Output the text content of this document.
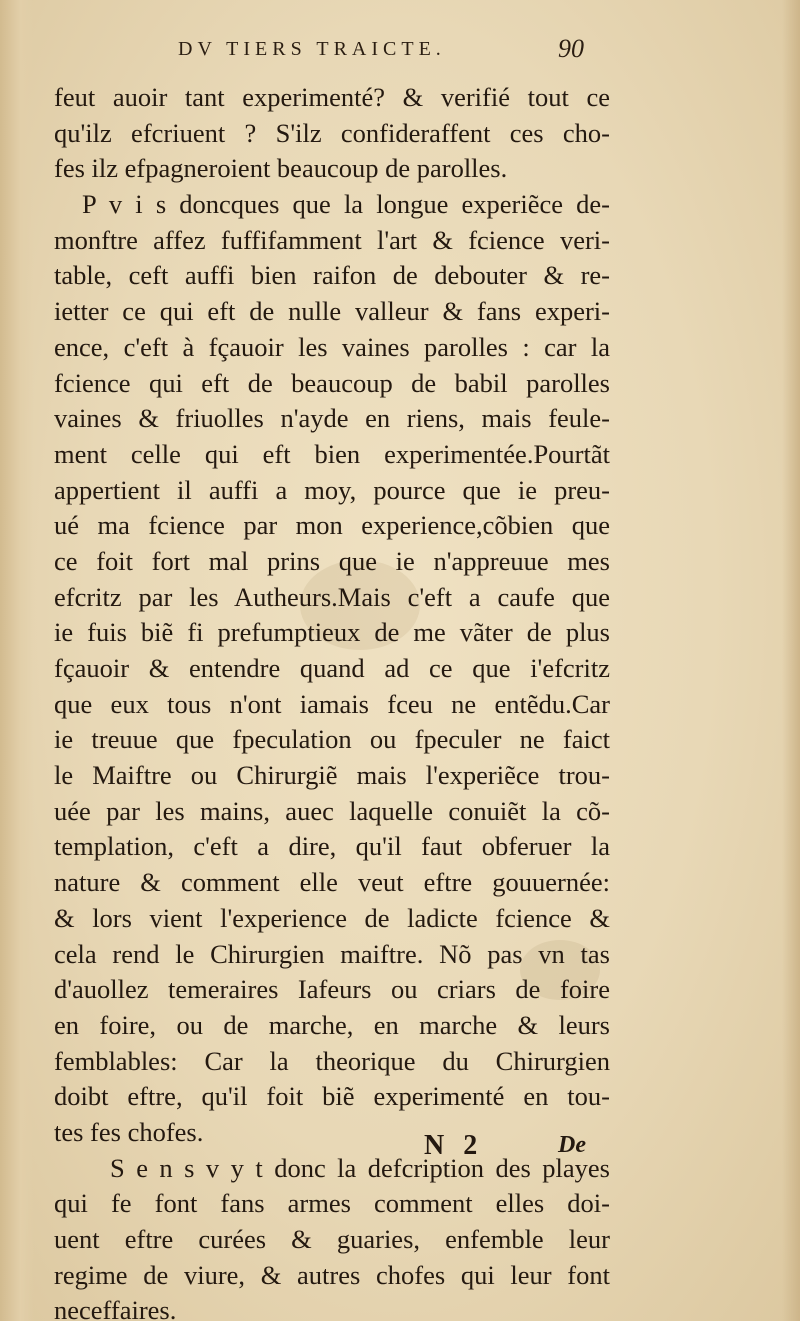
DV TIERS TRAICTE.	90
feut auoir tant experimenté? & verifié tout ce
qu'ilz efcriuent ? S'ilz confideraffent ces cho-
fes ilz efpagneroient beaucoup de parolles.
P v i s doncques que la longue experiẽce de-
monftre affez fuffifamment l'art & fcience veri-
table, ceft auffi bien raifon de debouter & re-
ietter ce qui eft de nulle valleur & fans experi-
ence, c'eft à fçauoir les vaines parolles : car la
fcience qui eft de beaucoup de babil parolles
vaines & friuolles n'ayde en riens, mais feule-
ment celle qui eft bien experimentée.Pourtãt
appertient il auffi a moy, pource que ie preu-
ué ma fcience par mon experience,cõbien que
ce foit fort mal prins que ie n'appreuue mes
efcritz par les Autheurs.Mais c'eft a caufe que
ie fuis biẽ fi prefumptieux de me vãter de plus
fçauoir & entendre quand ad ce que i'efcritz
que eux tous n'ont iamais fceu ne entẽdu.Car
ie treuue que fpeculation ou fpeculer ne faict
le Maiftre ou Chirurgiẽ mais l'experiẽce trou-
uée par les mains, auec laquelle conuiẽt la cõ-
templation, c'eft a dire, qu'il faut obferuer la
nature & comment elle veut eftre gouuernée:
& lors vient l'experience de ladicte fcience &
cela rend le Chirurgien maiftre. Nõ pas vn tas
d'auollez temeraires Iafeurs ou criars de foire
en foire, ou de marche, en marche & leurs
femblables: Car la theorique du Chirurgien
doibt eftre, qu'il foit biẽ experimenté en tou-
tes fes chofes.
S e n s v y t donc la defcription des playes
qui fe font fans armes comment elles doi-
uent eftre curées & guaries, enfemble leur
regime de viure, & autres chofes qui leur font
neceffaires.
N 2	De
